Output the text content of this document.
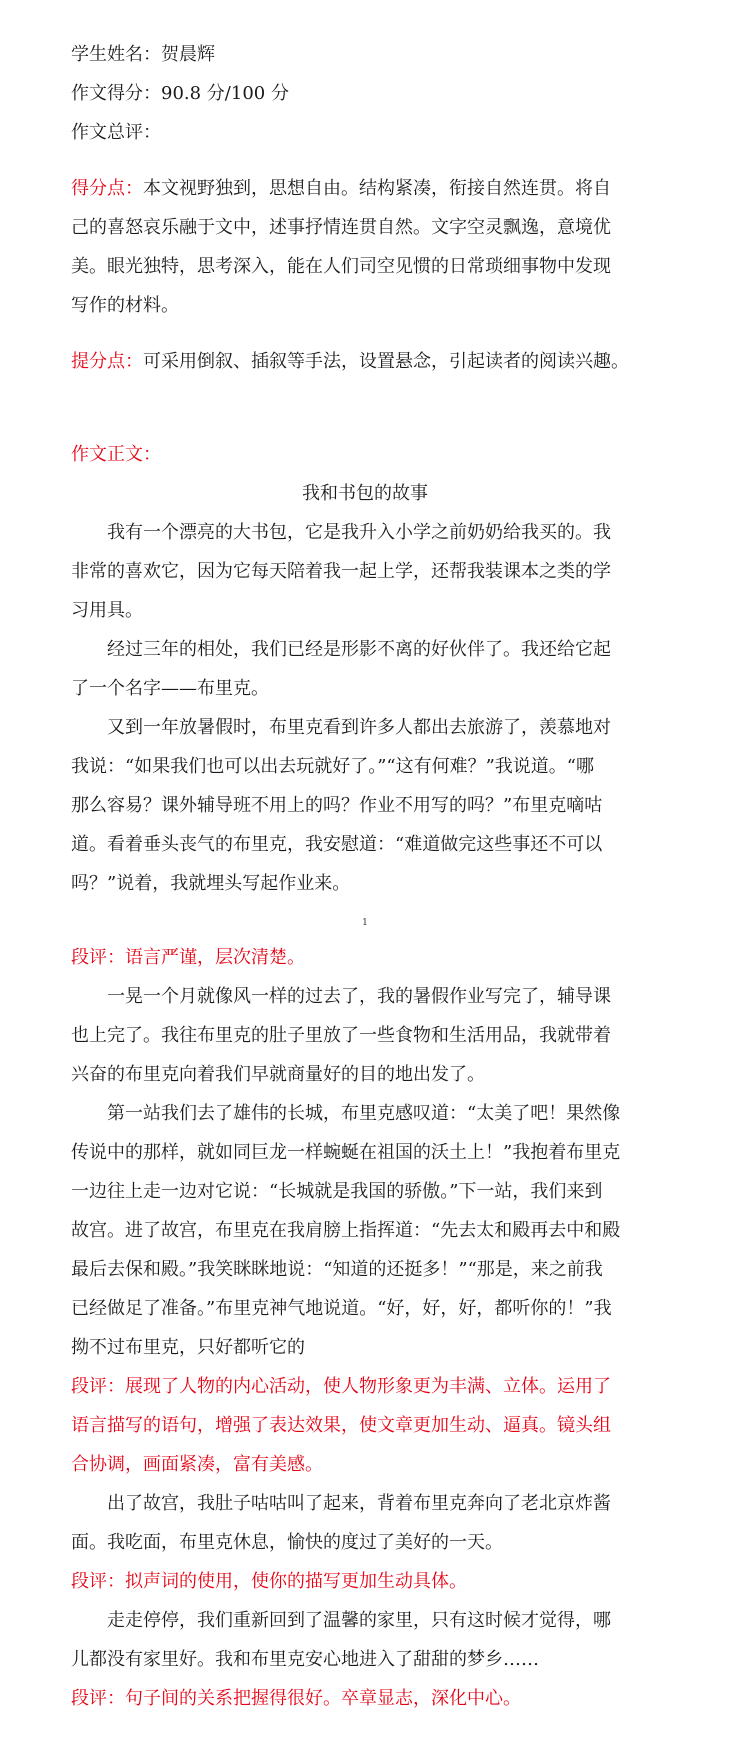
学生姓名：贺晨辉
作文得分：90.8 分/100 分
作文总评：
得分点：本文视野独到，思想自由。结构紧凑，衔接自然连贯。将自
己的喜怒哀乐融于文中，述事抒情连贯自然。文字空灵飘逸，意境优
美。眼光独特，思考深入，能在人们司空见惯的日常琐细事物中发现
写作的材料。
提分点：可采用倒叙、插叙等手法，设置悬念，引起读者的阅读兴趣。
作文正文：
我和书包的故事
　　我有一个漂亮的大书包，它是我升入小学之前奶奶给我买的。我
非常的喜欢它，因为它每天陪着我一起上学，还帮我装课本之类的学
习用具。
　　经过三年的相处，我们已经是形影不离的好伙伴了。我还给它起
了一个名字——布里克。
　　又到一年放暑假时，布里克看到许多人都出去旅游了，羡慕地对
我说：“如果我们也可以出去玩就好了。”“这有何难？”我说道。“哪
那么容易？课外辅导班不用上的吗？作业不用写的吗？”布里克嘀咕
道。看着垂头丧气的布里克，我安慰道：“难道做完这些事还不可以
吗？”说着，我就埋头写起作业来。
1
段评：语言严谨，层次清楚。
　　一晃一个月就像风一样的过去了，我的暑假作业写完了，辅导课
也上完了。我往布里克的肚子里放了一些食物和生活用品，我就带着
兴奋的布里克向着我们早就商量好的目的地出发了。
　　第一站我们去了雄伟的长城，布里克感叹道：“太美了吧！果然像
传说中的那样，就如同巨龙一样蜿蜒在祖国的沃土上！”我抱着布里克
一边往上走一边对它说：“长城就是我国的骄傲。”下一站，我们来到
故宫。进了故宫，布里克在我肩膀上指挥道：“先去太和殿再去中和殿
最后去保和殿。”我笑眯眯地说：“知道的还挺多！”“那是，来之前我
已经做足了准备。”布里克神气地说道。“好，好，好，都听你的！”我
拗不过布里克，只好都听它的
段评：展现了人物的内心活动，使人物形象更为丰满、立体。运用了
语言描写的语句，增强了表达效果，使文章更加生动、逼真。镜头组
合协调，画面紧凑，富有美感。
　　出了故宫，我肚子咕咕叫了起来，背着布里克奔向了老北京炸酱
面。我吃面，布里克休息，愉快的度过了美好的一天。
段评：拟声词的使用，使你的描写更加生动具体。
　　走走停停，我们重新回到了温馨的家里，只有这时候才觉得，哪
儿都没有家里好。我和布里克安心地进入了甜甜的梦乡……
段评：句子间的关系把握得很好。卒章显志，深化中心。
